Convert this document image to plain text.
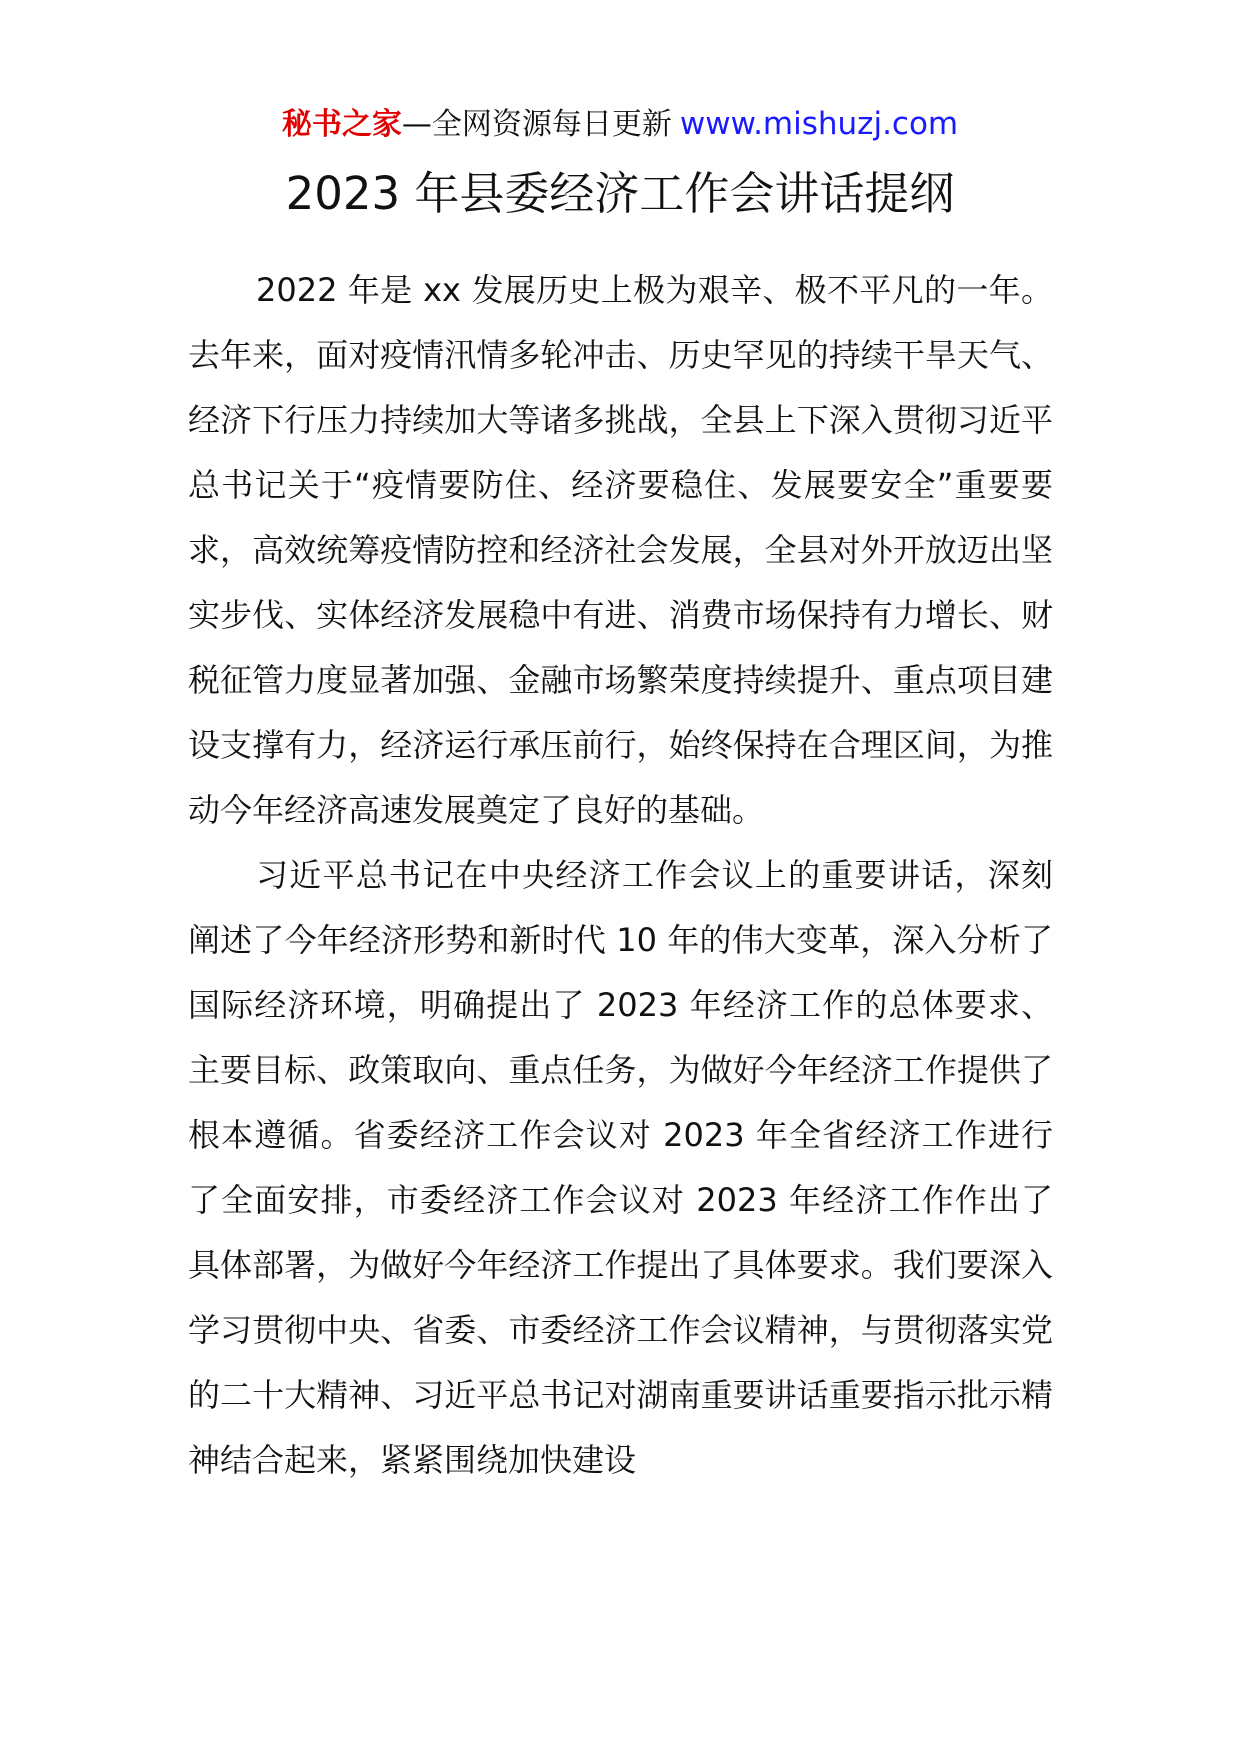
秘书之家—全网资源每日更新 www.mishuzj.com
2023 年县委经济工作会讲话提纲

2022 年是 xx 发展历史上极为艰辛、极不平凡的一年。去年来，面对疫情汛情多轮冲击、历史罕见的持续干旱天气、经济下行压力持续加大等诸多挑战，全县上下深入贯彻习近平总书记关于“疫情要防住、经济要稳住、发展要安全”重要要求，高效统筹疫情防控和经济社会发展，全县对外开放迈出坚实步伐、实体经济发展稳中有进、消费市场保持有力增长、财税征管力度显著加强、金融市场繁荣度持续提升、重点项目建设支撑有力，经济运行承压前行，始终保持在合理区间，为推动今年经济高速发展奠定了良好的基础。

习近平总书记在中央经济工作会议上的重要讲话，深刻阐述了今年经济形势和新时代 10 年的伟大变革，深入分析了国际经济环境，明确提出了 2023 年经济工作的总体要求、主要目标、政策取向、重点任务，为做好今年经济工作提供了根本遵循。省委经济工作会议对 2023 年全省经济工作进行了全面安排，市委经济工作会议对 2023 年经济工作作出了具体部署，为做好今年经济工作提出了具体要求。我们要深入学习贯彻中央、省委、市委经济工作会议精神，与贯彻落实党的二十大精神、习近平总书记对湖南重要讲话重要指示批示精神结合起来，紧紧围绕加快建设
